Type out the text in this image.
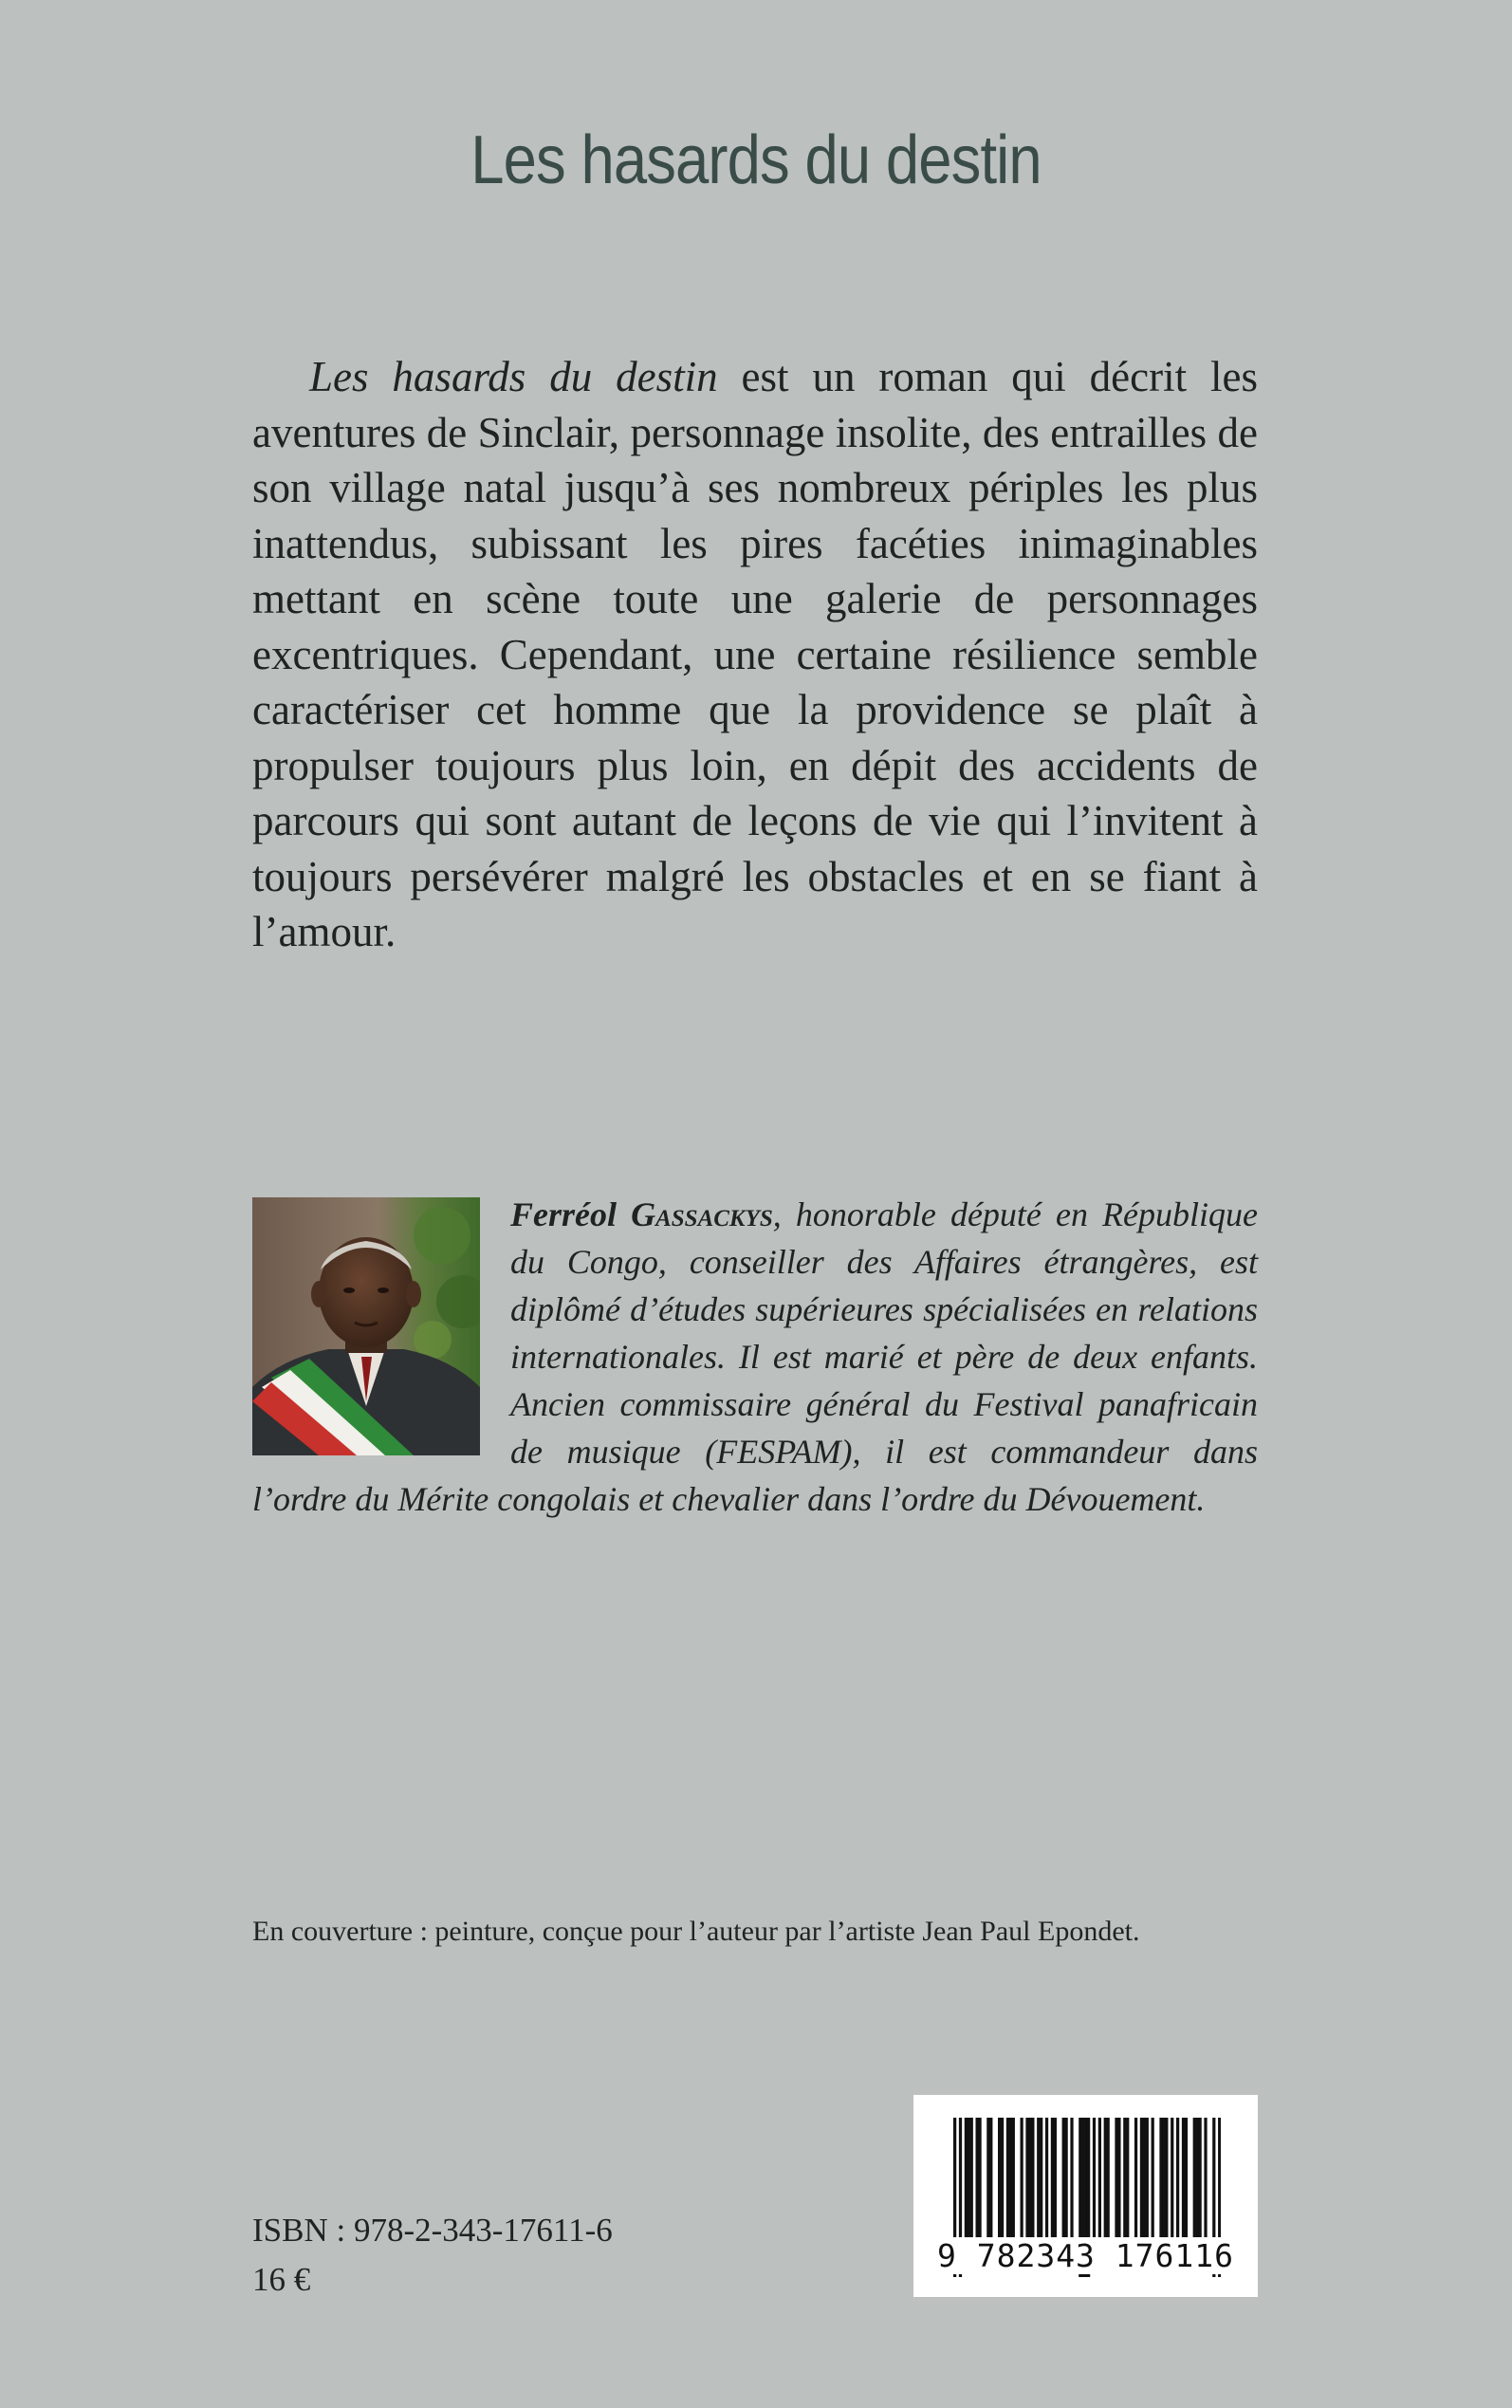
Les hasards du destin

Les hasards du destin est un roman qui décrit les aventures de Sinclair, personnage insolite, des entrailles de son village natal jusqu’à ses nombreux périples les plus inattendus, subissant les pires facéties inimaginables mettant en scène toute une galerie de personnages excentriques. Cependant, une certaine résilience semble caractériser cet homme que la providence se plaît à propulser toujours plus loin, en dépit des accidents de parcours qui sont autant de leçons de vie qui l’invitent à toujours persévérer malgré les obstacles et en se fiant à l’amour.

Ferréol Gassackys, honorable député en République du Congo, conseiller des Affaires étrangères, est diplômé d’études supérieures spécialisées en relations internationales. Il est marié et père de deux enfants. Ancien commissaire général du Festival panafricain de musique (FESPAM), il est commandeur dans l’ordre du Mérite congolais et chevalier dans l’ordre du Dévouement.
En couverture : peinture, conçue pour l’auteur par l’artiste Jean Paul Epondet.
ISBN : 978-2-343-17611-6
16 €
9 782343 176116
